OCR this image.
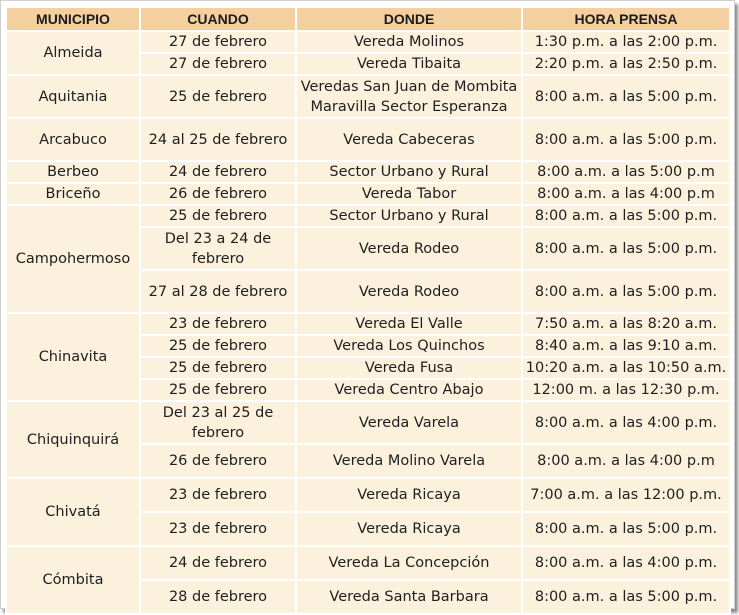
MUNICIPIO	CUANDO	DONDE	HORA PRENSA
Almeida	27 de febrero	Vereda Molinos	1:30 p.m. a las 2:00 p.m.
	27 de febrero	Vereda Tibaita	2:20 p.m. a las 2:50 p.m.
Aquitania	25 de febrero	Veredas San Juan de Mombita Maravilla Sector Esperanza	8:00 a.m. a las 5:00 p.m.
Arcabuco	24 al 25 de febrero	Vereda Cabeceras	8:00 a.m. a las 5:00 p.m.
Berbeo	24 de febrero	Sector Urbano y Rural	8:00 a.m. a las 5:00 p.m
Briceño	26 de febrero	Vereda Tabor	8:00 a.m. a las 4:00 p.m
Campohermoso	25 de febrero	Sector Urbano y Rural	8:00 a.m. a las 5:00 p.m.
	Del 23 a 24 de febrero	Vereda Rodeo	8:00 a.m. a las 5:00 p.m.
	27 al 28 de febrero	Vereda Rodeo	8:00 a.m. a las 5:00 p.m.
Chinavita	23 de febrero	Vereda El Valle	7:50 a.m. a las 8:20 a.m.
	25 de febrero	Vereda Los Quinchos	8:40 a.m. a las 9:10 a.m.
	25 de febrero	Vereda Fusa	10:20 a.m. a las 10:50 a.m.
	25 de febrero	Vereda Centro Abajo	12:00 m. a las 12:30 p.m.
Chiquinquirá	Del 23 al 25 de febrero	Vereda Varela	8:00 a.m. a las 4:00 p.m.
	26 de febrero	Vereda Molino Varela	8:00 a.m. a las 4:00 p.m
Chivatá	23 de febrero	Vereda Ricaya	7:00 a.m. a las 12:00 p.m.
	23 de febrero	Vereda Ricaya	8:00 a.m. a las 5:00 p.m.
Cómbita	24 de febrero	Vereda La Concepción	8:00 a.m. a las 4:00 p.m.
	28 de febrero	Vereda Santa Barbara	8:00 a.m. a las 5:00 p.m.
